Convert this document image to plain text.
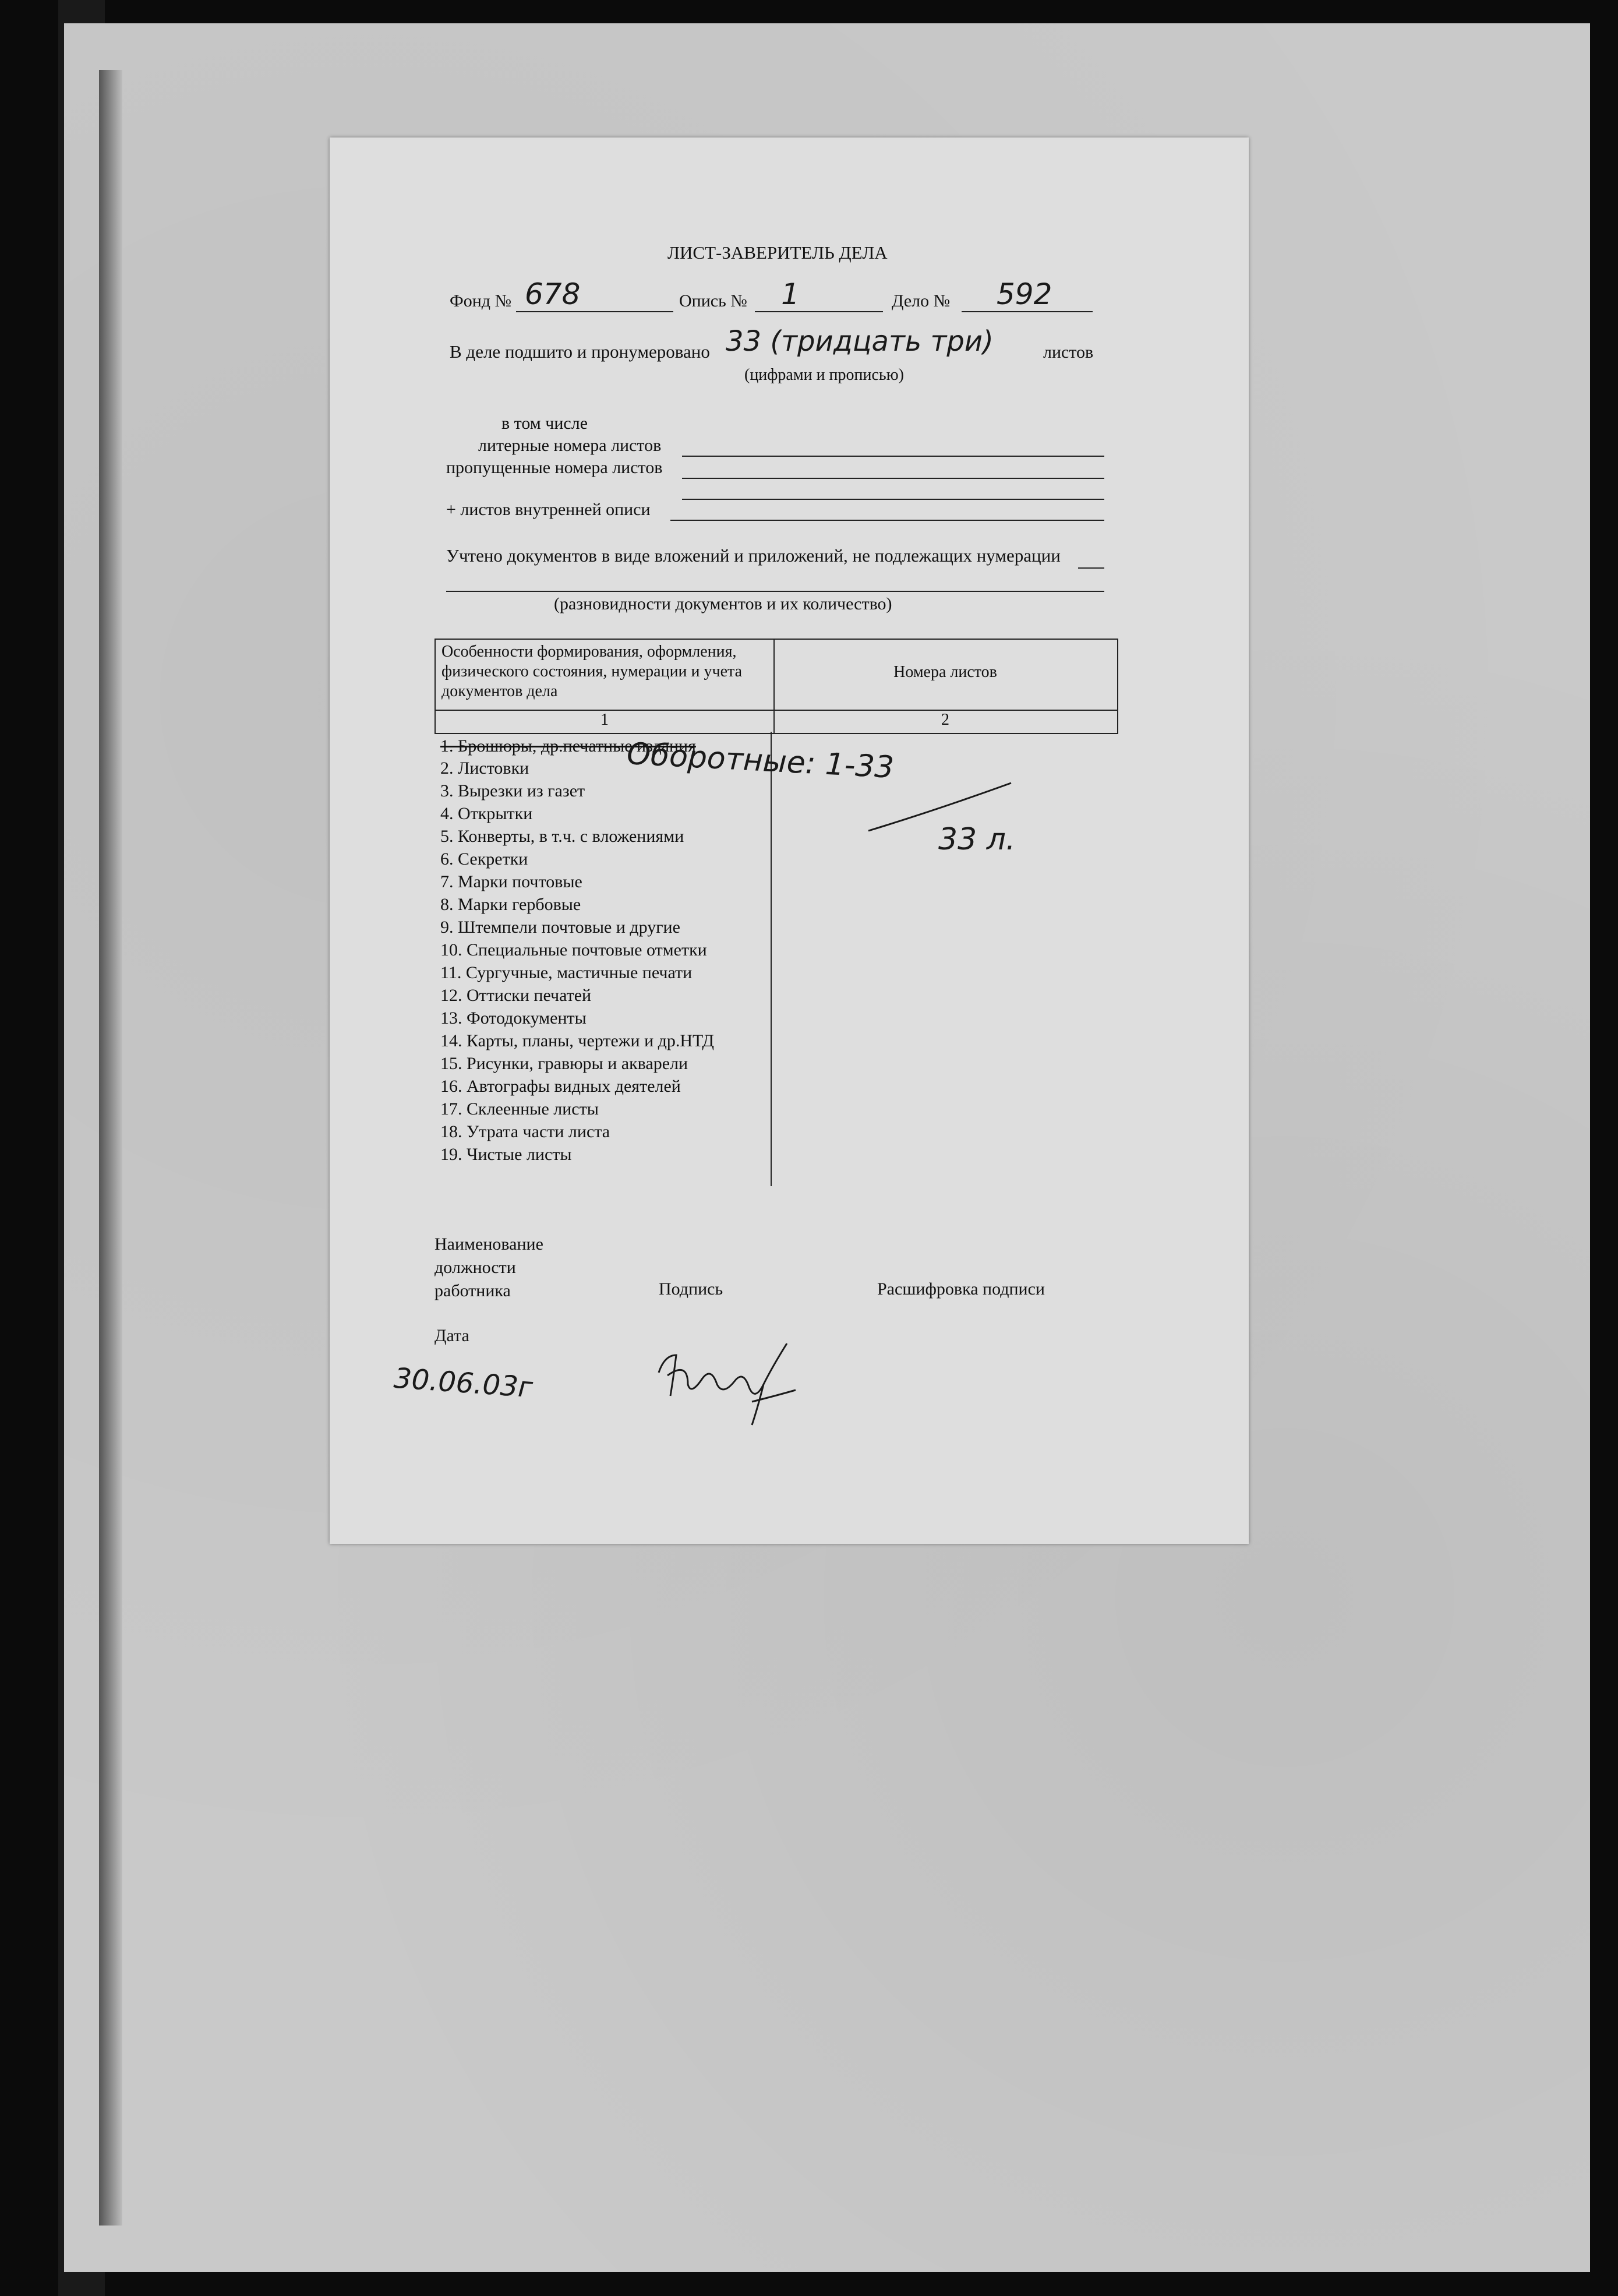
ЛИСТ-ЗАВЕРИТЕЛЬ ДЕЛА
Фонд № 678	Опись № 1	Дело № 592
В деле подшито и пронумеровано 33 (тридцать три)	листов
(цифрами и прописью)
в том числе
литерные номера листов
пропущенные номера листов
+ листов внутренней описи
Учтено документов в виде вложений и приложений, не подлежащих нумерации
(разновидности документов и их количество)
Особенности формирования, оформления, физического состояния, нумерации и учета документов дела
Номера листов
1	2
1. Брошюры, др.печатные издания
2. Листовки
3. Вырезки из газет
4. Открытки
5. Конверты, в т.ч. с вложениями
6. Секретки
7. Марки почтовые
8. Марки гербовые
9. Штемпели почтовые и другие
10. Специальные почтовые отметки
11. Сургучные, мастичные печати
12. Оттиски печатей
13. Фотодокументы
14. Карты, планы, чертежи и др.НТД
15. Рисунки, гравюры и акварели
16. Автографы видных деятелей
17. Склеенные листы
18. Утрата части листа
19. Чистые листы
Оборотные: 1-33
33 л.
Наименование
должности
работника	Подпись	Расшифровка подписи
Дата
30.06.03г
